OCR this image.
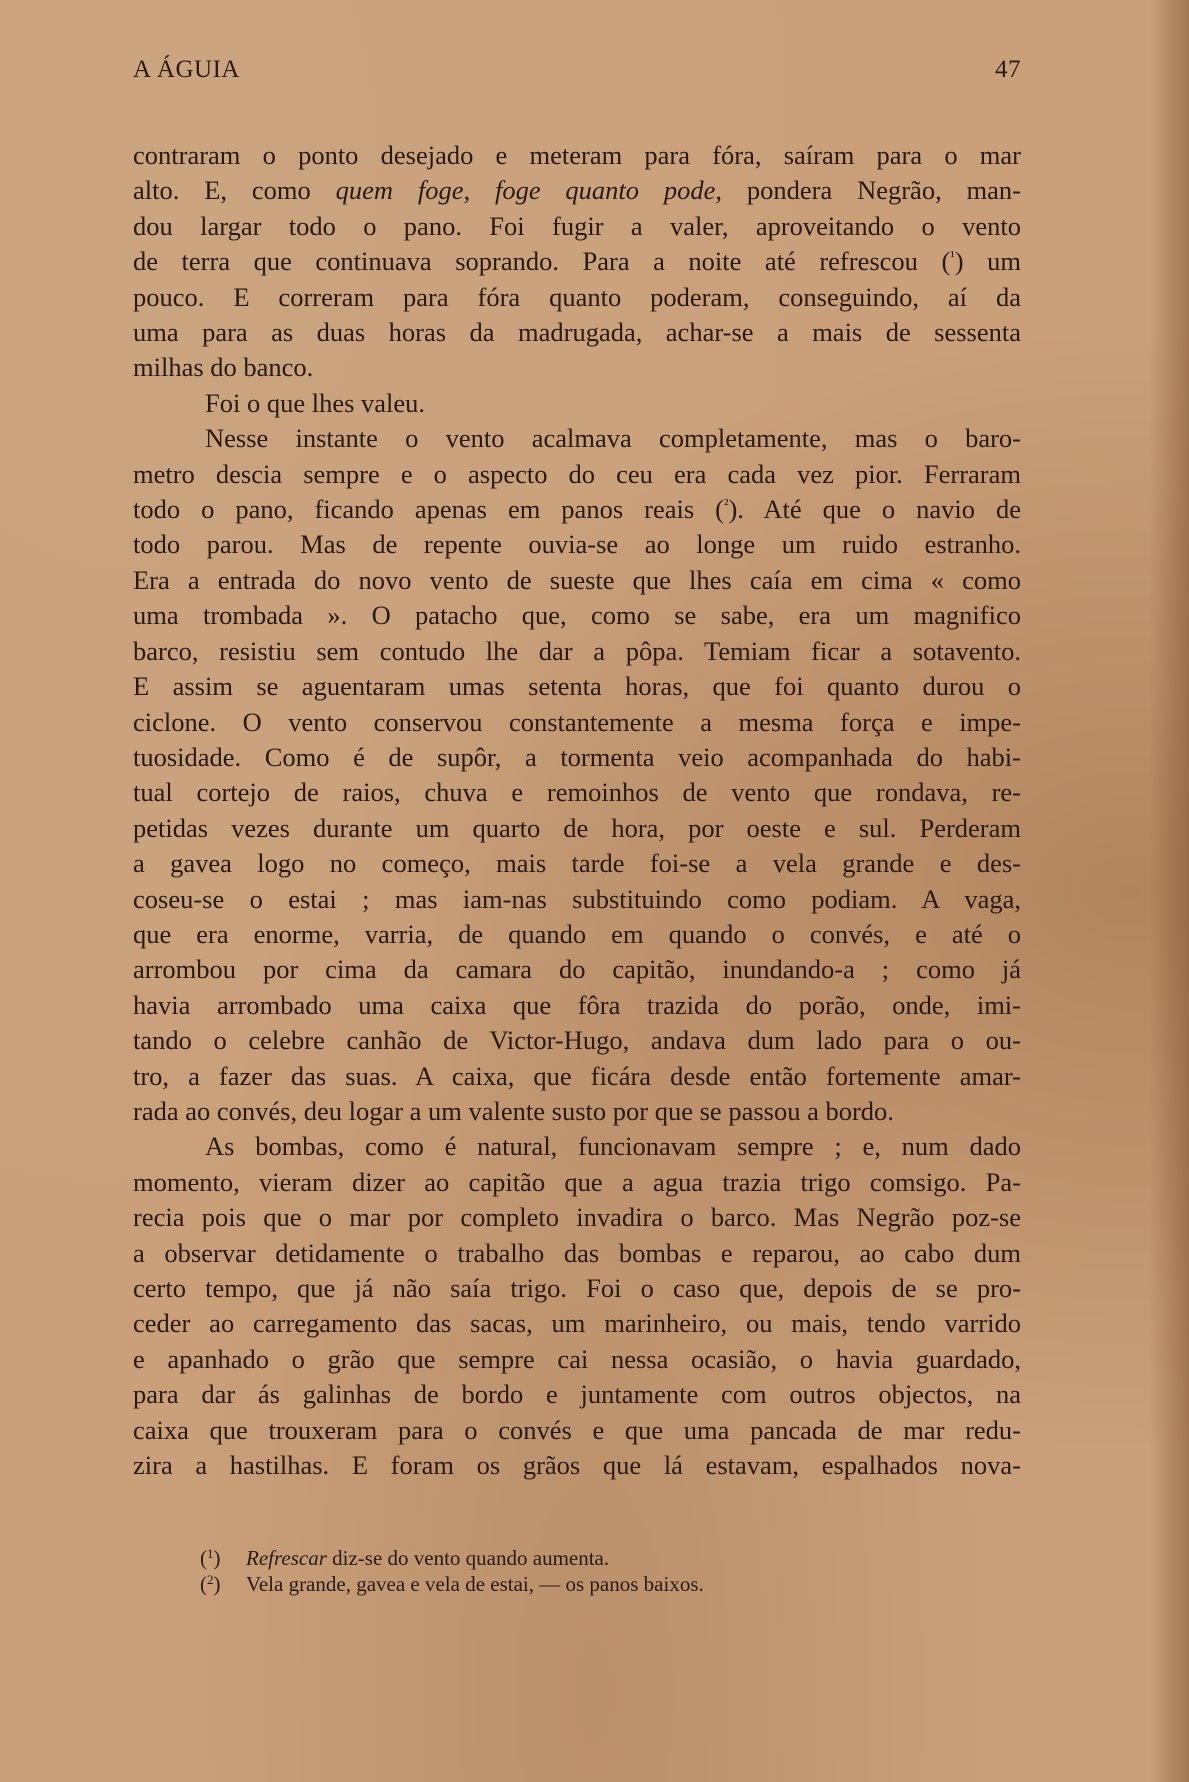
A ÁGUIA	47
contraram o ponto desejado e meteram para fóra, saíram para o mar
alto. E, como quem foge, foge quanto pode, pondera Negrão, man-
dou largar todo o pano. Foi fugir a valer, aproveitando o vento
de terra que continuava soprando. Para a noite até refrescou ($^{^1}$) um
pouco. E correram para fóra quanto poderam, conseguindo, aí da
uma para as duas horas da madrugada, achar-se a mais de sessenta
milhas do banco.
Foi o que lhes valeu.
Nesse instante o vento acalmava completamente, mas o baro-
metro descia sempre e o aspecto do ceu era cada vez pior. Ferraram
todo o pano, ficando apenas em panos reais ($^{^2}$). Até que o navio de
todo parou. Mas de repente ouvia-se ao longe um ruido estranho.
Era a entrada do novo vento de sueste que lhes caía em cima « como
uma trombada ». O patacho que, como se sabe, era um magnifico
barco, resistiu sem contudo lhe dar a pôpa. Temiam ficar a sotavento.
E assim se aguentaram umas setenta horas, que foi quanto durou o
ciclone. O vento conservou constantemente a mesma força e impe-
tuosidade. Como é de supôr, a tormenta veio acompanhada do habi-
tual cortejo de raios, chuva e remoinhos de vento que rondava, re-
petidas vezes durante um quarto de hora, por oeste e sul. Perderam
a gavea logo no começo, mais tarde foi-se a vela grande e des-
coseu-se o estai ; mas iam-nas substituindo como podiam. A vaga,
que era enorme, varria, de quando em quando o convés, e até o
arrombou por cima da camara do capitão, inundando-a ; como já
havia arrombado uma caixa que fôra trazida do porão, onde, imi-
tando o celebre canhão de Victor-Hugo, andava dum lado para o ou-
tro, a fazer das suas. A caixa, que ficára desde então fortemente amar-
rada ao convés, deu logar a um valente susto por que se passou a bordo.
As bombas, como é natural, funcionavam sempre ; e, num dado
momento, vieram dizer ao capitão que a agua trazia trigo comsigo. Pa-
recia pois que o mar por completo invadira o barco. Mas Negrão poz-se
a observar detidamente o trabalho das bombas e reparou, ao cabo dum
certo tempo, que já não saía trigo. Foi o caso que, depois de se pro-
ceder ao carregamento das sacas, um marinheiro, ou mais, tendo varrido
e apanhado o grão que sempre cai nessa ocasião, o havia guardado,
para dar ás galinhas de bordo e juntamente com outros objectos, na
caixa que trouxeram para o convés e que uma pancada de mar redu-
zira a hastilhas. E foram os grãos que lá estavam, espalhados nova-
($^1$) Refrescar diz-se do vento quando aumenta.
($^2$) Vela grande, gavea e vela de estai, — os panos baixos.
